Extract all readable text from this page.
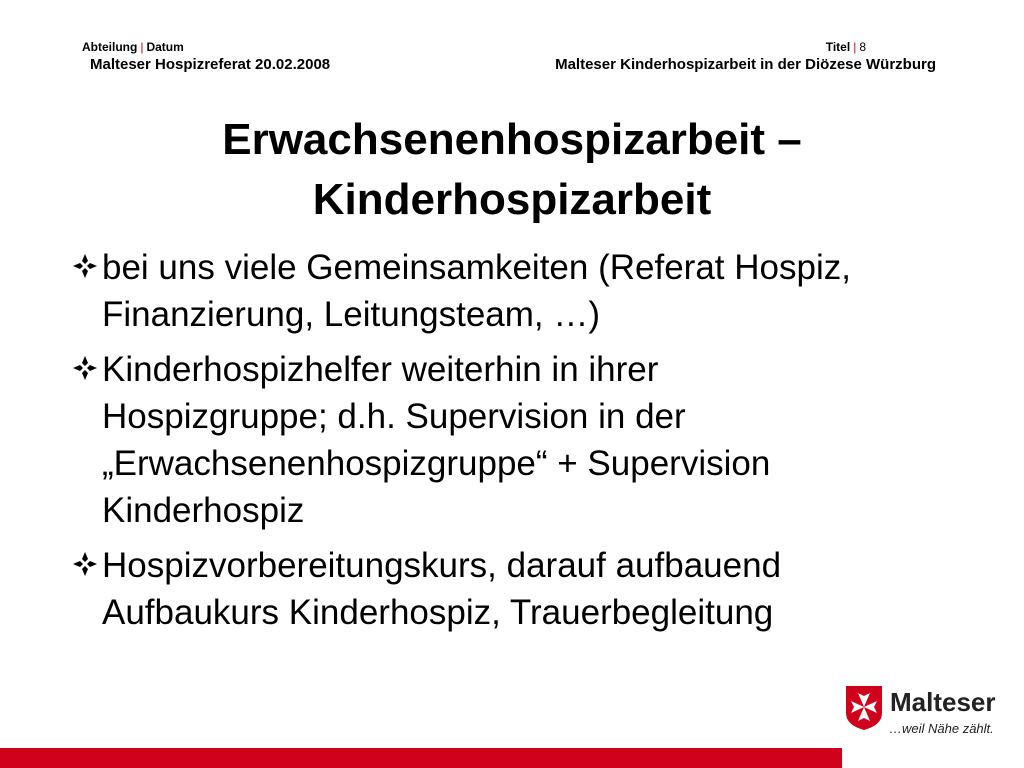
Abteilung | Datum
Malteser Hospizreferat 20.02.2008
Titel | 8
Malteser Kinderhospizarbeit in der Diözese Würzburg
Erwachsenenhospizarbeit –
Kinderhospizarbeit
bei uns viele Gemeinsamkeiten (Referat Hospiz,
Finanzierung, Leitungsteam, …)
Kinderhospizhelfer weiterhin in ihrer
Hospizgruppe; d.h. Supervision in der
„Erwachsenenhospizgruppe“ + Supervision
Kinderhospiz
Hospizvorbereitungskurs, darauf aufbauend
Aufbaukurs Kinderhospiz, Trauerbegleitung
Malteser
…weil Nähe zählt.
